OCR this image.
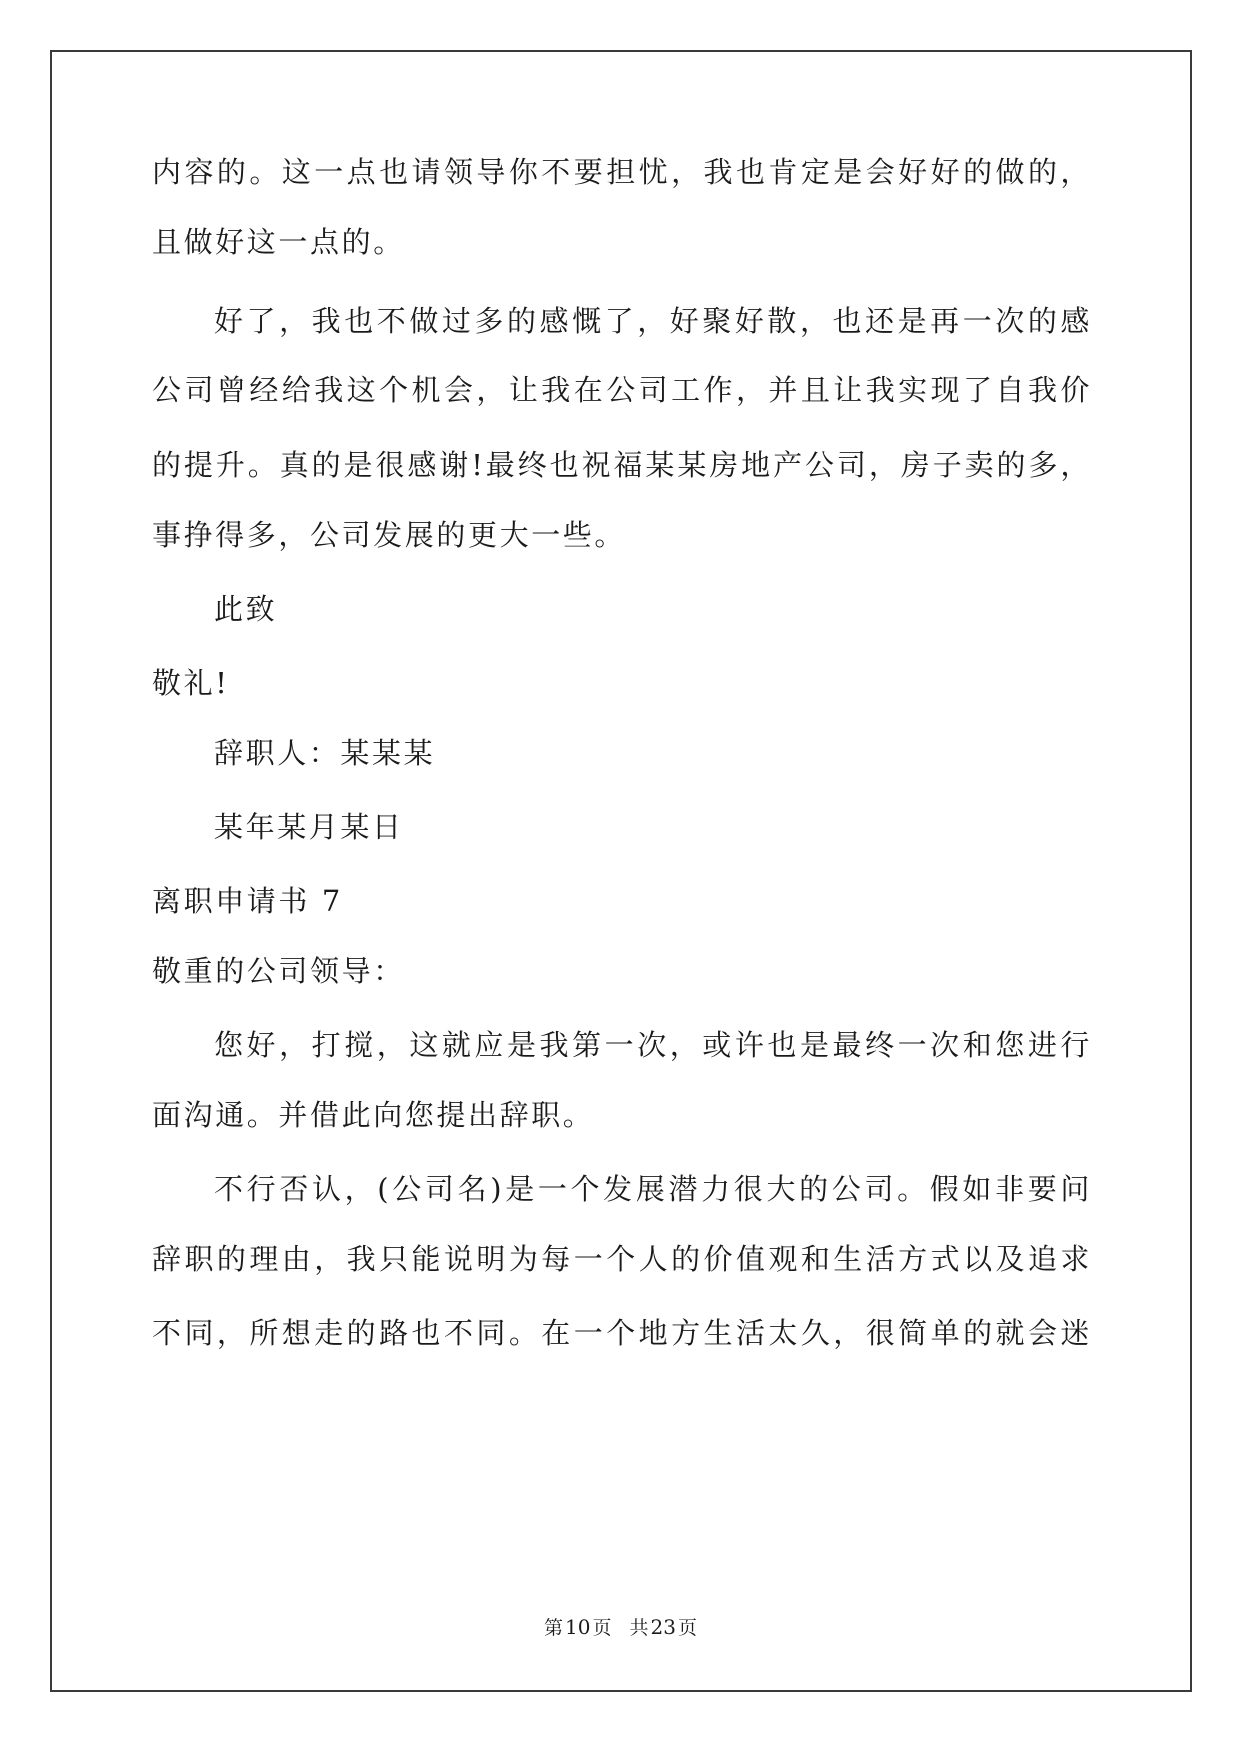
内容的。这一点也请领导你不要担忧，我也肯定是会好好的做的，
且做好这一点的。
好了，我也不做过多的感慨了，好聚好散，也还是再一次的感
公司曾经给我这个机会，让我在公司工作，并且让我实现了自我价
的提升。真的是很感谢!最终也祝福某某房地产公司，房子卖的多，
事挣得多，公司发展的更大一些。
此致
敬礼!
辞职人：某某某
某年某月某日
离职申请书 7
敬重的公司领导：
您好，打搅，这就应是我第一次，或许也是最终一次和您进行
面沟通。并借此向您提出辞职。
不行否认，(公司名)是一个发展潜力很大的公司。假如非要问
辞职的理由，我只能说明为每一个人的价值观和生活方式以及追求
不同，所想走的路也不同。在一个地方生活太久，很简单的就会迷
第 10 页 共 23 页
